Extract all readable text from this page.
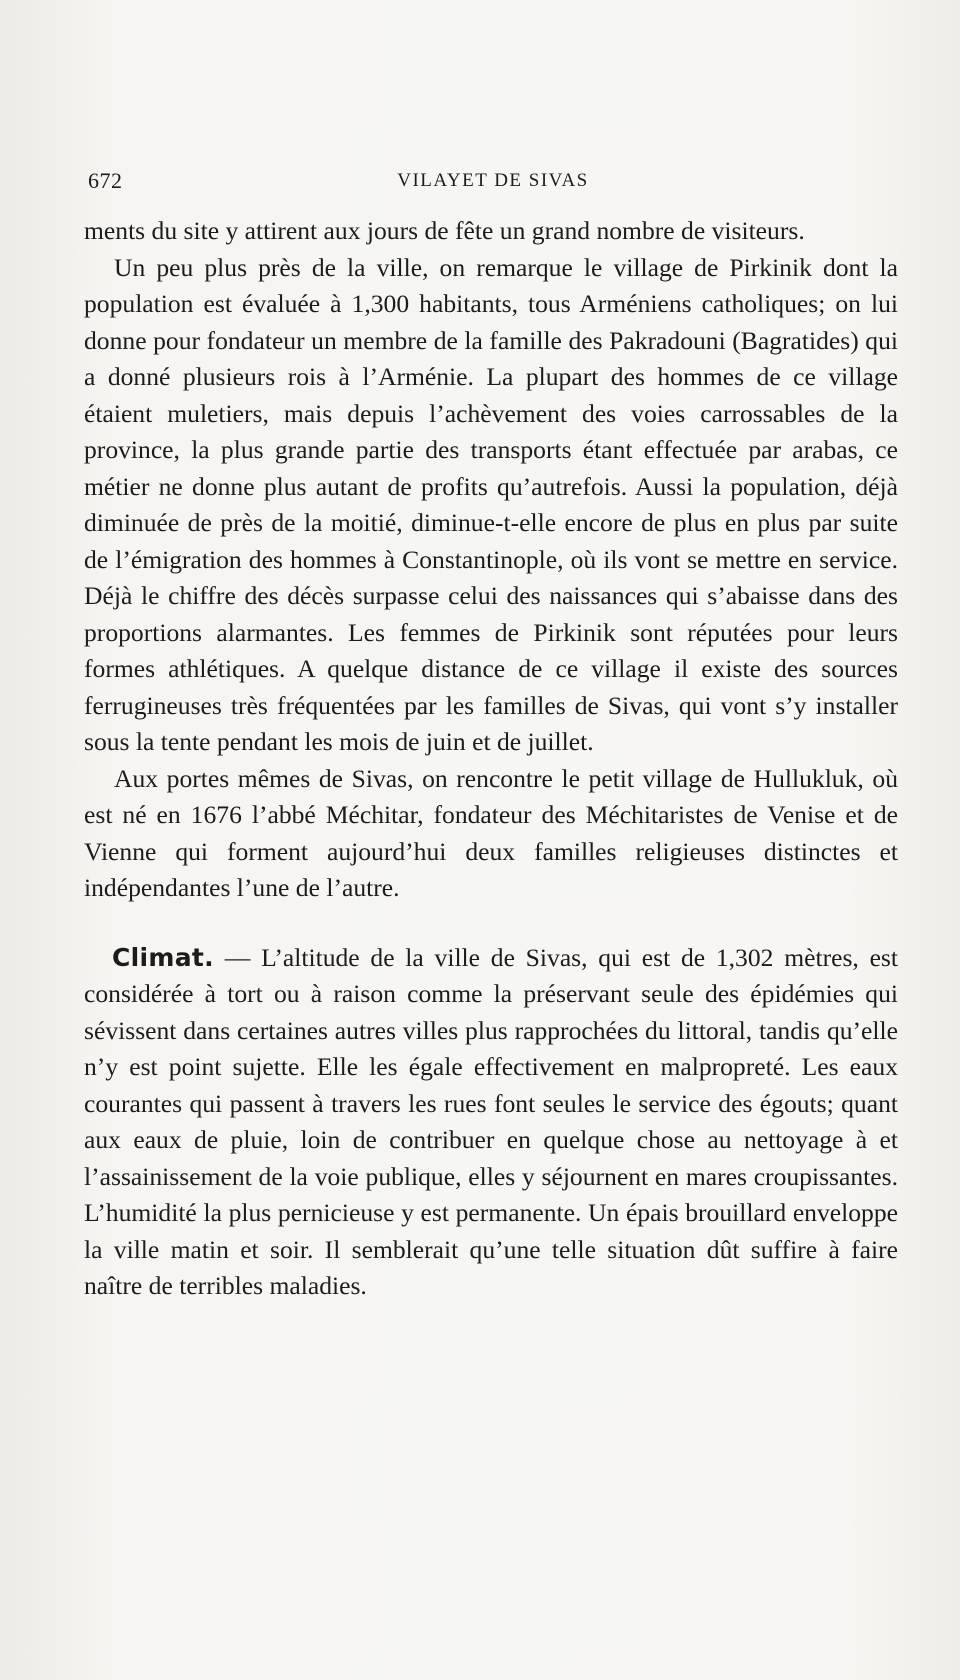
672	VILAYET DE SIVAS

ments du site y attirent aux jours de fête un grand nombre de visiteurs.

Un peu plus près de la ville, on remarque le village de Pirkinik dont la population est évaluée à 1,300 habitants, tous Arméniens catholiques; on lui donne pour fondateur un membre de la famille des Pakradouni (Bagratides) qui a donné plusieurs rois à l’Arménie. La plupart des hommes de ce village étaient muletiers, mais depuis l’achèvement des voies carrossables de la province, la plus grande partie des transports étant effectuée par arabas, ce métier ne donne plus autant de profits qu’autrefois. Aussi la population, déjà diminuée de près de la moitié, diminue-t-elle encore de plus en plus par suite de l’émigration des hommes à Constantinople, où ils vont se mettre en service. Déjà le chiffre des décès surpasse celui des naissances qui s’abaisse dans des proportions alarmantes. Les femmes de Pirkinik sont réputées pour leurs formes athlétiques. A quelque distance de ce village il existe des sources ferrugineuses très fréquentées par les familles de Sivas, qui vont s’y installer sous la tente pendant les mois de juin et de juillet.

Aux portes mêmes de Sivas, on rencontre le petit village de Hullukluk, où est né en 1676 l’abbé Méchitar, fondateur des Méchitaristes de Venise et de Vienne qui forment aujourd’hui deux familles religieuses distinctes et indépendantes l’une de l’autre.

Climat. — L’altitude de la ville de Sivas, qui est de 1,302 mètres, est considérée à tort ou à raison comme la préservant seule des épidémies qui sévissent dans certaines autres villes plus rapprochées du littoral, tandis qu’elle n’y est point sujette. Elle les égale effectivement en malpropreté. Les eaux courantes qui passent à travers les rues font seules le service des égouts; quant aux eaux de pluie, loin de contribuer en quelque chose au nettoyage à et l’assainissement de la voie publique, elles y séjournent en mares croupissantes. L’humidité la plus pernicieuse y est permanente. Un épais brouillard enveloppe la ville matin et soir. Il semblerait qu’une telle situation dût suffire à faire naître de terribles maladies.
